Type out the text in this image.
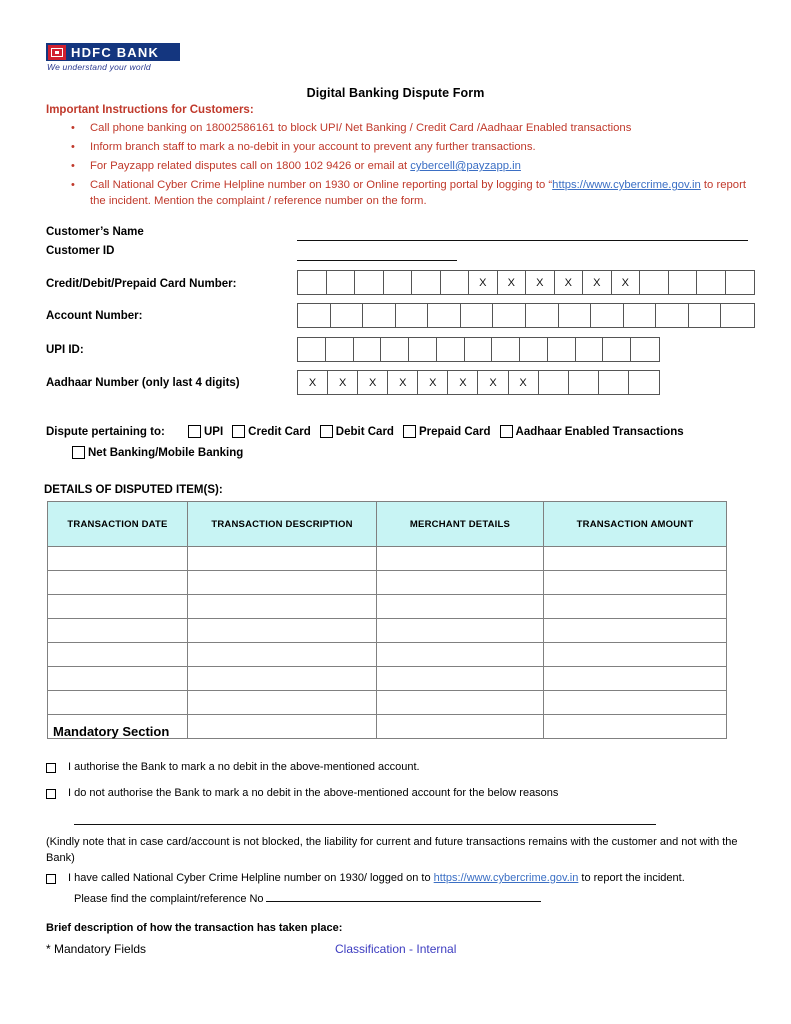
HDFC BANK
We understand your world
Digital Banking Dispute Form
Important Instructions for Customers:
• Call phone banking on 18002586161 to block UPI/ Net Banking / Credit Card /Aadhaar Enabled transactions
• Inform branch staff to mark a no-debit in your account to prevent any further transactions.
• For Payzapp related disputes call on 1800 102 9426 or email at cybercell@payzapp.in
• Call National Cyber Crime Helpline number on 1930 or Online reporting portal by logging to “https://www.cybercrime.gov.in to report the incident. Mention the complaint / reference number on the form.
Customer’s Name
Customer ID
Credit/Debit/Prepaid Card Number:	X	X	X	X	X	X
Account Number:
UPI ID:
Aadhaar Number (only last 4 digits)	X	X	X	X	X	X	X	X
Dispute pertaining to:	UPI Credit Card Debit Card Prepaid Card Aadhaar Enabled Transactions
Net Banking/Mobile Banking
DETAILS OF DISPUTED ITEM(S):
TRANSACTION DATE	TRANSACTION DESCRIPTION	MERCHANT DETAILS	TRANSACTION AMOUNT

Mandatory Section
I authorise the Bank to mark a no debit in the above-mentioned account.
I do not authorise the Bank to mark a no debit in the above-mentioned account for the below reasons
(Kindly note that in case card/account is not blocked, the liability for current and future transactions remains with the customer and not with the Bank)
I have called National Cyber Crime Helpline number on 1930/ logged on to https://www.cybercrime.gov.in to report the incident.
Please find the complaint/reference No
Brief description of how the transaction has taken place:
* Mandatory Fields	Classification - Internal
